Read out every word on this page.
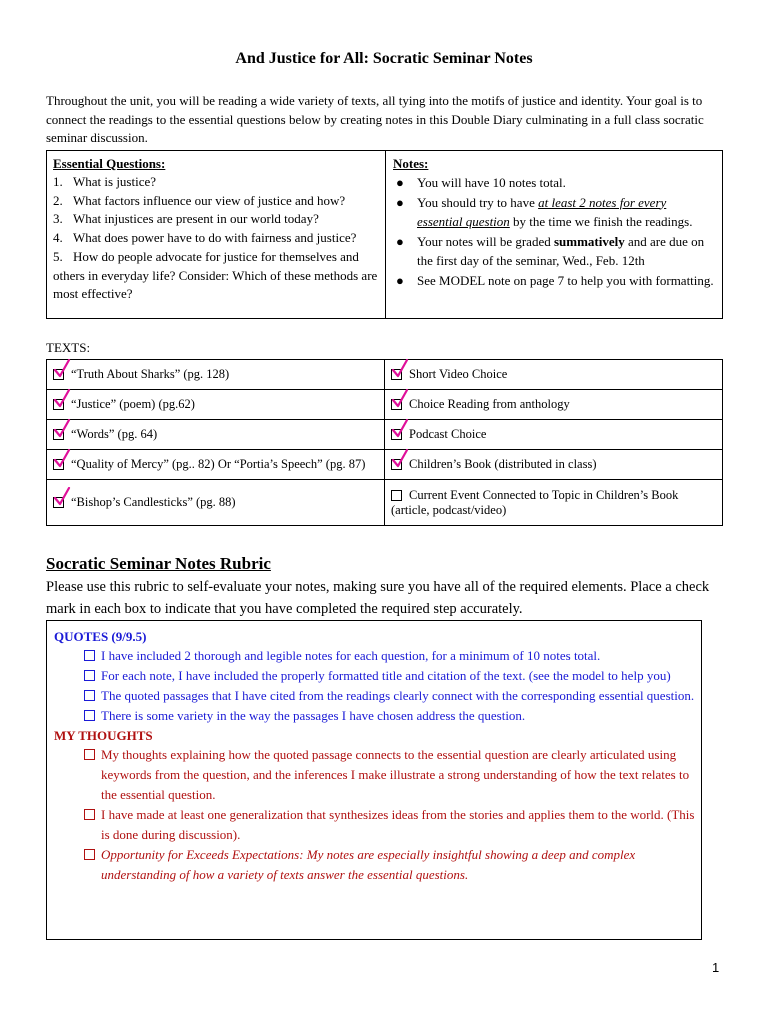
And Justice for All: Socratic Seminar Notes
Throughout the unit, you will be reading a wide variety of texts, all tying into the motifs of justice and identity. Your goal is to connect the readings to the essential questions below by creating notes in this Double Diary culminating in a full class socratic seminar discussion.
Essential Questions:
1. What is justice?
2. What factors influence our view of justice and how?
3. What injustices are present in our world today?
4. What does power have to do with fairness and justice?
5. How do people advocate for justice for themselves and others in everyday life? Consider: Which of these methods are most effective?
Notes:
● You will have 10 notes total.
● You should try to have at least 2 notes for every essential question by the time we finish the readings.
● Your notes will be graded summatively and are due on the first day of the seminar, Wed., Feb. 12th
● See MODEL note on page 7 to help you with formatting.
TEXTS:
“Truth About Sharks” (pg. 128)	Short Video Choice

“Justice” (poem) (pg.62)	Choice Reading from anthology

“Words” (pg. 64)	Podcast Choice

“Quality of Mercy” (pg.. 82) Or “Portia’s Speech” (pg. 87)	Children’s Book (distributed in class)

“Bishop’s Candlesticks” (pg. 88)	Current Event Connected to Topic in Children’s Book (article, podcast/video)
Socratic Seminar Notes Rubric
Please use this rubric to self-evaluate your notes, making sure you have all of the required elements. Place a check mark in each box to indicate that you have completed the required step accurately.
QUOTES (9/9.5)
I have included 2 thorough and legible notes for each question, for a minimum of 10 notes total.
For each note, I have included the properly formatted title and citation of the text. (see the model to help you)
The quoted passages that I have cited from the readings clearly connect with the corresponding essential question.
There is some variety in the way the passages I have chosen address the question.
MY THOUGHTS
My thoughts explaining how the quoted passage connects to the essential question are clearly articulated using keywords from the question, and the inferences I make illustrate a strong understanding of how the text relates to the essential question.
I have made at least one generalization that synthesizes ideas from the stories and applies them to the world. (This is done during discussion).
Opportunity for Exceeds Expectations: My notes are especially insightful showing a deep and complex understanding of how a variety of texts answer the essential questions.
1
